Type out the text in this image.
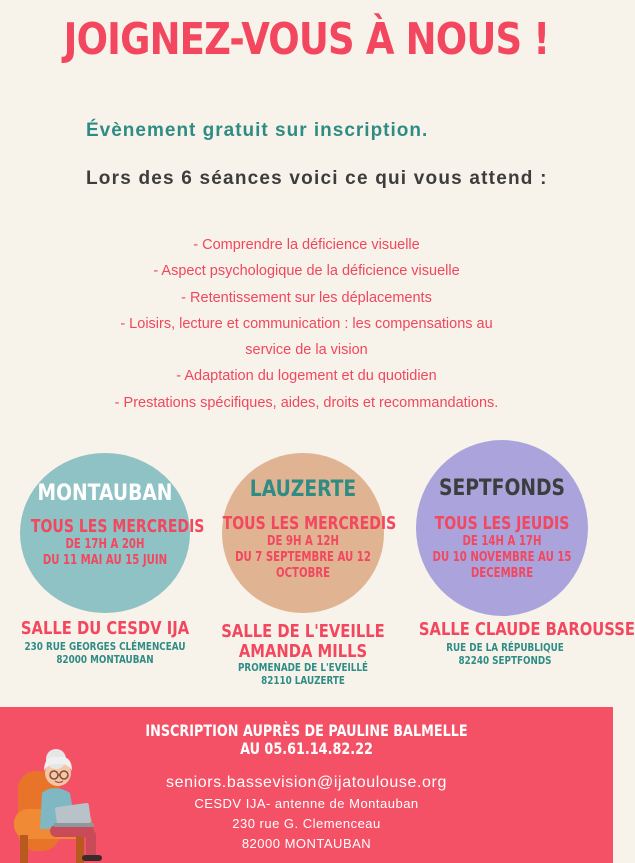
JOIGNEZ-VOUS À NOUS !
Évènement gratuit sur inscription.
Lors des 6 séances voici ce qui vous attend :
- Comprendre la déficience visuelle
- Aspect psychologique de la déficience visuelle
- Retentissement sur les déplacements
- Loisirs, lecture et communication : les compensations au
service de la vision
- Adaptation du logement et du quotidien
- Prestations spécifiques, aides, droits et recommandations.
MONTAUBAN
TOUS LES MERCREDIS
DE 17H A 20H
DU 11 MAI AU 15 JUIN
SALLE DU CESDV IJA
230 RUE GEORGES CLÉMENCEAU
82000 MONTAUBAN
LAUZERTE
TOUS LES MERCREDIS
DE 9H A 12H
DU 7 SEPTEMBRE AU 12
OCTOBRE
SALLE DE L'EVEILLE
AMANDA MILLS
PROMENADE DE L'EVEILLÉ
82110 LAUZERTE
SEPTFONDS
TOUS LES JEUDIS
DE 14H A 17H
DU 10 NOVEMBRE AU 15
DECEMBRE
SALLE CLAUDE BAROUSSE
RUE DE LA RÉPUBLIQUE
82240 SEPTFONDS
INSCRIPTION AUPRÈS DE PAULINE BALMELLE
AU 05.61.14.82.22
seniors.bassevision@ijatoulouse.org
CESDV IJA- antenne de Montauban
230 rue G. Clemenceau
82000 MONTAUBAN
